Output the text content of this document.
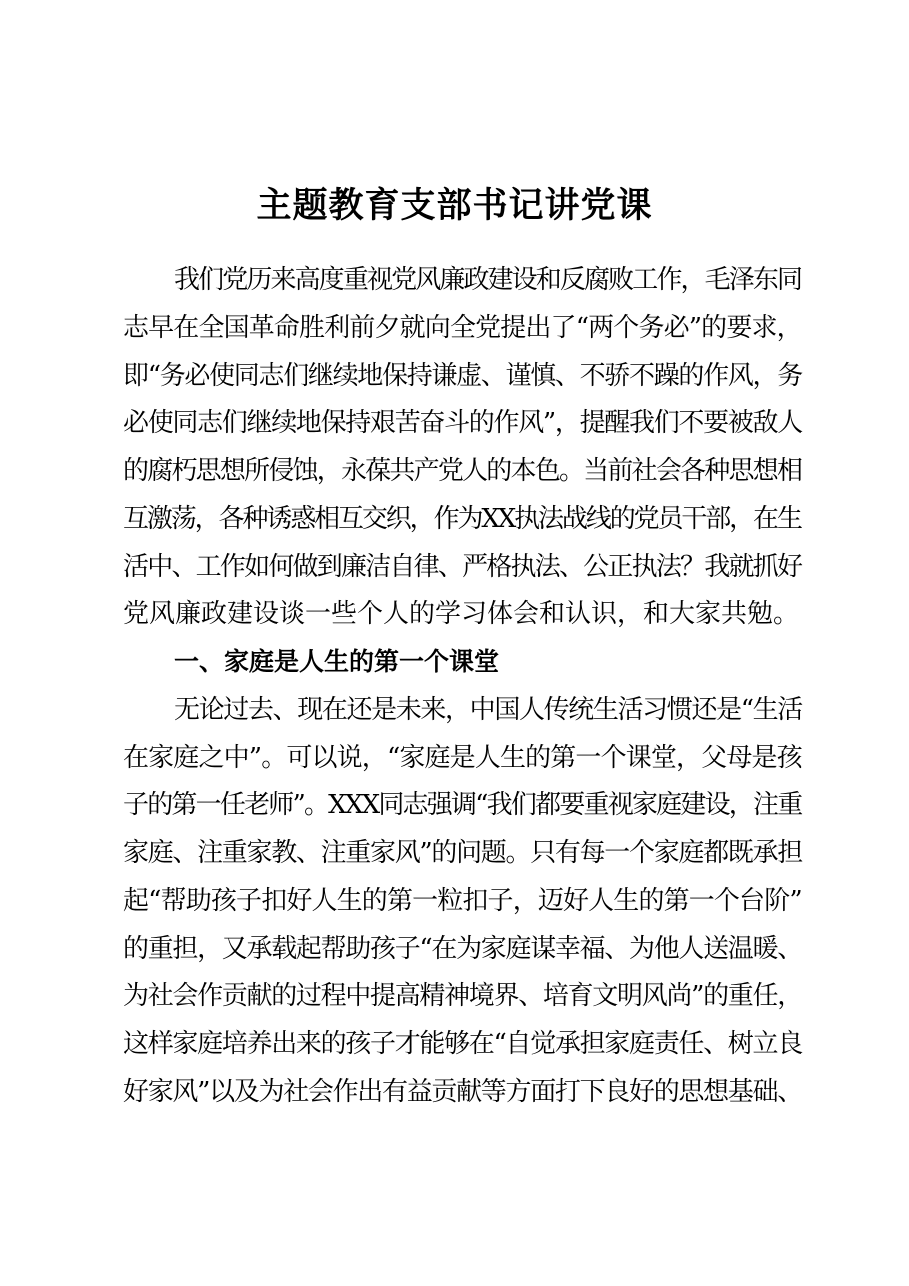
主题教育支部书记讲党课
我们党历来高度重视党风廉政建设和反腐败工作，毛泽东同
志早在全国革命胜利前夕就向全党提出了“两个务必”的要求，
即“务必使同志们继续地保持谦虚、谨慎、不骄不躁的作风，务
必使同志们继续地保持艰苦奋斗的作风”，提醒我们不要被敌人
的腐朽思想所侵蚀，永葆共产党人的本色。当前社会各种思想相
互激荡，各种诱惑相互交织，作为XX执法战线的党员干部，在生
活中、工作如何做到廉洁自律、严格执法、公正执法？我就抓好
党风廉政建设谈一些个人的学习体会和认识，和大家共勉。
一、家庭是人生的第一个课堂
无论过去、现在还是未来，中国人传统生活习惯还是“生活
在家庭之中”。可以说，“家庭是人生的第一个课堂，父母是孩
子的第一任老师”。XXX同志强调“我们都要重视家庭建设，注重
家庭、注重家教、注重家风”的问题。只有每一个家庭都既承担
起“帮助孩子扣好人生的第一粒扣子，迈好人生的第一个台阶”
的重担，又承载起帮助孩子“在为家庭谋幸福、为他人送温暖、
为社会作贡献的过程中提高精神境界、培育文明风尚”的重任，
这样家庭培养出来的孩子才能够在“自觉承担家庭责任、树立良
好家风”以及为社会作出有益贡献等方面打下良好的思想基础、
